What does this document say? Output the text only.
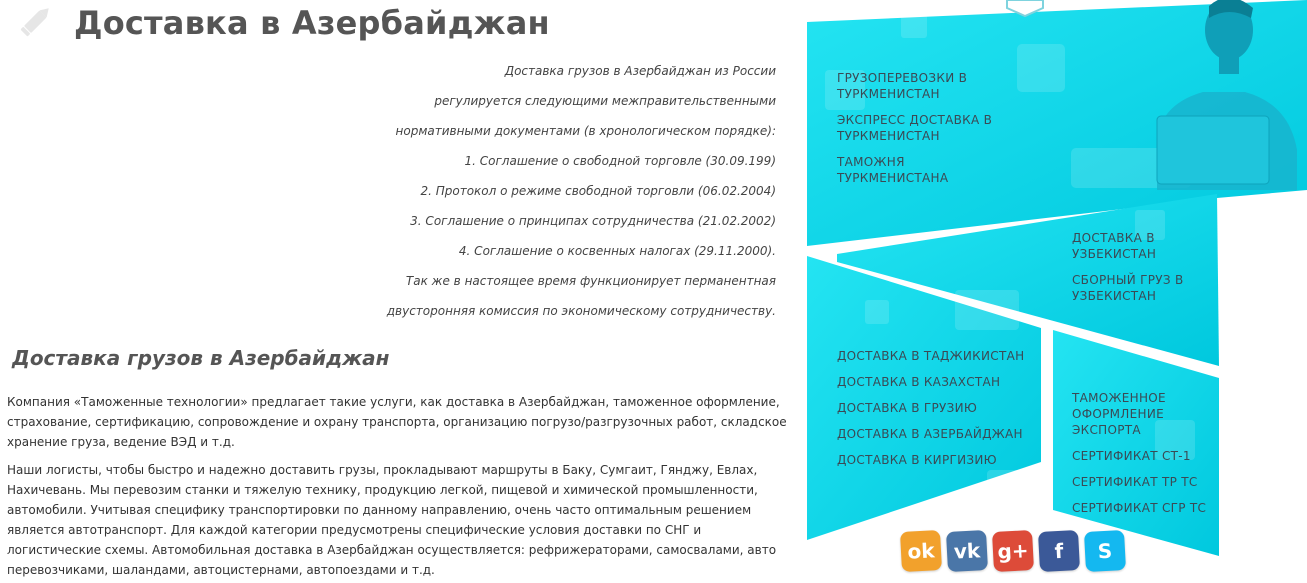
Доставка в Азербайджан

Доставка грузов в Азербайджан из России

регулируется следующими межправительственными

нормативными документами (в хронологическом порядке):

1. Соглашение о свободной торговле (30.09.199)

2. Протокол о режиме свободной торговли (06.02.2004)

3. Соглашение о принципах сотрудничества (21.02.2002)

4. Соглашение о косвенных налогах (29.11.2000).

Так же в настоящее время функционирует перманентная

двусторонняя комиссия по экономическому сотрудничеству.

Доставка грузов в Азербайджан

Компания «Таможенные технологии» предлагает такие услуги, как доставка в Азербайджан, таможенное оформление, страхование, сертификацию, сопровождение и охрану транспорта, организацию погрузо/разгрузочных работ, складское хранение груза, ведение ВЭД и т.д.

Наши логисты, чтобы быстро и надежно доставить грузы, прокладывают маршруты в Баку, Сумгаит, Гянджу, Евлах, Нахичевань. Мы перевозим станки и тяжелую технику, продукцию легкой, пищевой и химической промышленности, автомобили. Учитывая специфику транспортировки по данному направлению, очень часто оптимальным решением является автотранспорт. Для каждой категории предусмотрены специфические условия доставки по СНГ и логистические схемы. Автомобильная доставка в Азербайджан осуществляется: рефрижераторами, самосвалами, авто перевозчиками, шаландами, автоцистернами, автопоездами и т.д.

ГРУЗОПЕРЕВОЗКИ В ТУРКМЕНИСТАН
ЭКСПРЕСС ДОСТАВКА В ТУРКМЕНИСТАН
ТАМОЖНЯ ТУРКМЕНИСТАНА
ДОСТАВКА В УЗБЕКИСТАН
СБОРНЫЙ ГРУЗ В УЗБЕКИСТАН
ДОСТАВКА В ТАДЖИКИСТАН
ДОСТАВКА В КАЗАХСТАН
ДОСТАВКА В ГРУЗИЮ
ДОСТАВКА В АЗЕРБАЙДЖАН
ДОСТАВКА В КИРГИЗИЮ
ТАМОЖЕННОЕ ОФОРМЛЕНИЕ ЭКСПОРТА
СЕРТИФИКАТ СТ-1
СЕРТИФИКАТ ТР ТС
СЕРТИФИКАТ СГР ТС
ok vk g+	f	S
